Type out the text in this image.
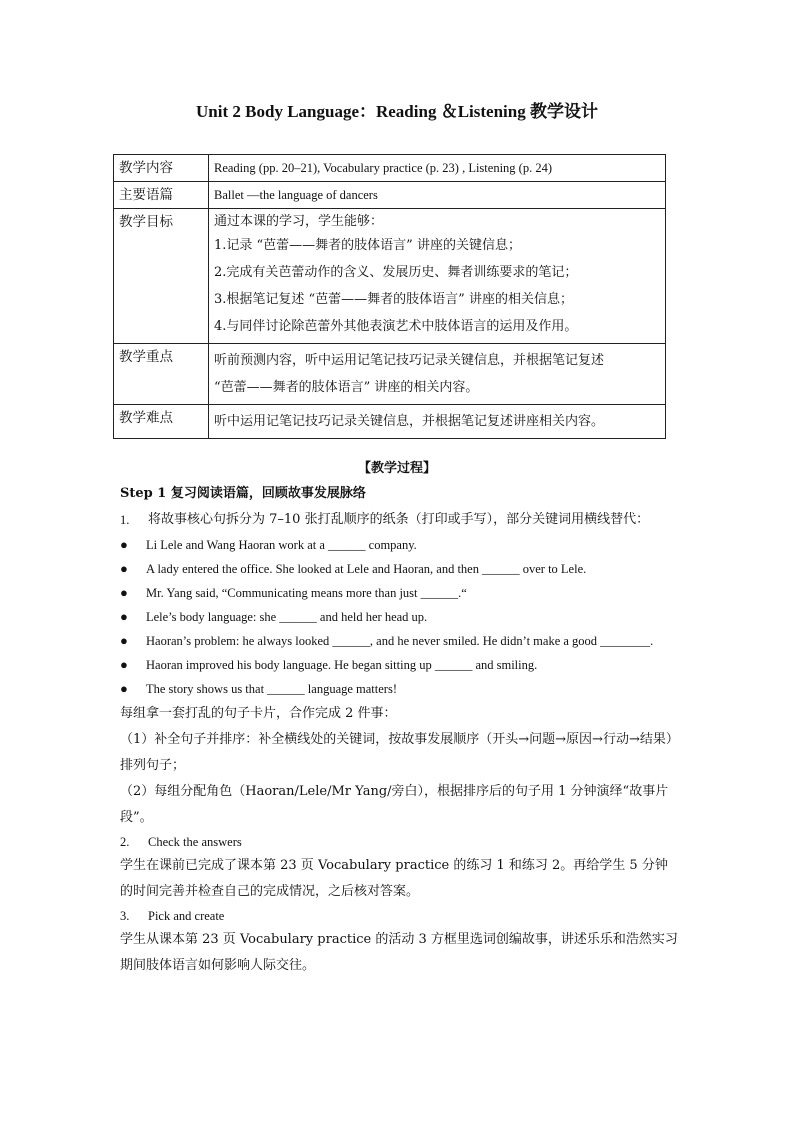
Unit 2 Body Language：Reading ＆Listening 教学设计
教学内容	Reading (pp. 20–21), Vocabulary practice (p. 23) , Listening (p. 24)

主要语篇	Ballet —the language of dancers

教学目标	通过本课的学习，学生能够：
1.记录 “芭蕾——舞者的肢体语言” 讲座的关键信息；
2.完成有关芭蕾动作的含义、发展历史、舞者训练要求的笔记；
3.根据笔记复述 “芭蕾——舞者的肢体语言” 讲座的相关信息；
4.与同伴讨论除芭蕾外其他表演艺术中肢体语言的运用及作用。

教学重点	听前预测内容，听中运用记笔记技巧记录关键信息，并根据笔记复述
“芭蕾——舞者的肢体语言” 讲座的相关内容。

教学难点	听中运用记笔记技巧记录关键信息，并根据笔记复述讲座相关内容。
【教学过程】
Step 1 复习阅读语篇，回顾故事发展脉络
1.	将故事核心句拆分为 7–10 张打乱顺序的纸条（打印或手写），部分关键词用横线替代：
●	Li Lele and Wang Haoran work at a ______ company.
●	A lady entered the office. She looked at Lele and Haoran, and then ______ over to Lele.
●	Mr. Yang said, “Communicating means more than just ______.“
●	Lele’s body language: she ______ and held her head up.
●	Haoran’s problem: he always looked ______, and he never smiled. He didn’t make a good ________.
●	Haoran improved his body language. He began sitting up ______ and smiling.
●	The story shows us that ______ language matters!
每组拿一套打乱的句子卡片，合作完成 2 件事：
（1）补全句子并排序：补全横线处的关键词，按故事发展顺序（开头→问题→原因→行动→结果）排列句子；
（2）每组分配角色（Haoran/Lele/Mr Yang/旁白），根据排序后的句子用 1 分钟演绎“故事片段”。
2.	Check the answers
学生在课前已完成了课本第 23 页 Vocabulary practice 的练习 1 和练习 2。再给学生 5 分钟的时间完善并检查自己的完成情况，之后核对答案。
3.	Pick and create
学生从课本第 23 页 Vocabulary practice 的活动 3 方框里选词创编故事，讲述乐乐和浩然实习期间肢体语言如何影响人际交往。
